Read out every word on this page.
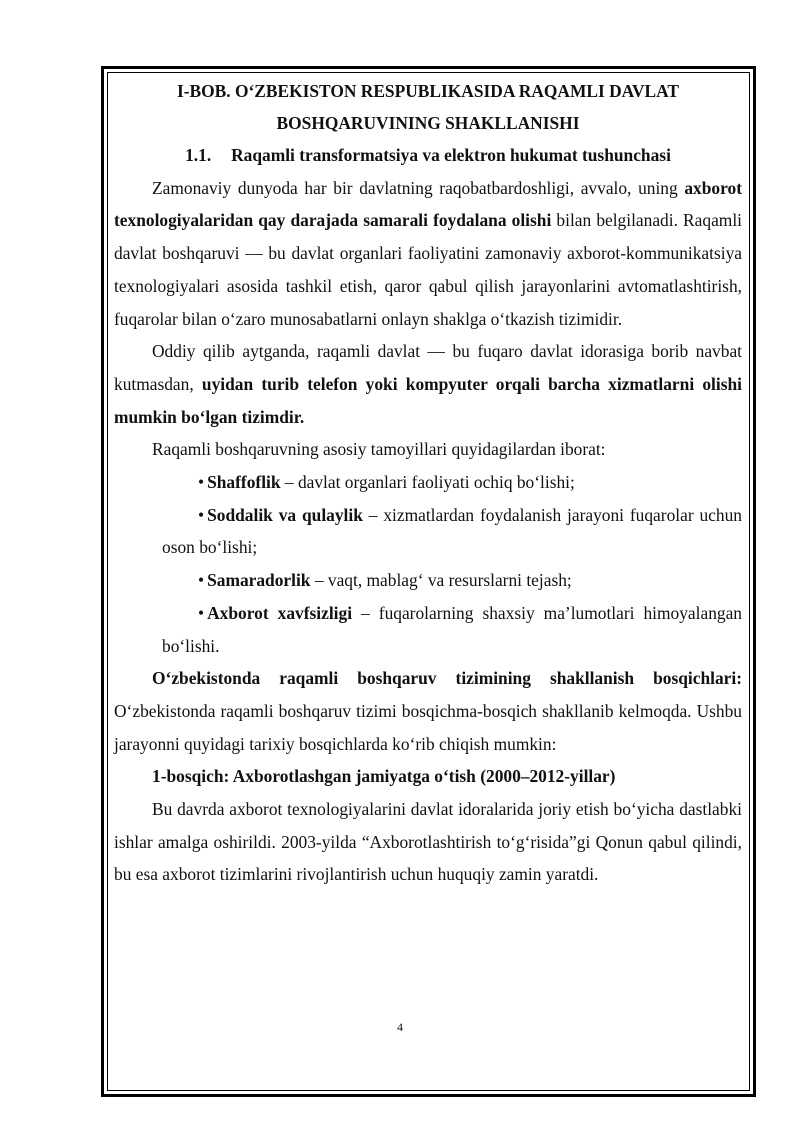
I-BOB. O‘ZBEKISTON RESPUBLIKASIDA RAQAMLI DAVLAT BOSHQARUVINING SHAKLLANISHI
1.1. Raqamli transformatsiya va elektron hukumat tushunchasi

Zamonaviy dunyoda har bir davlatning raqobatbardoshligi, avvalo, uning axborot texnologiyalaridan qay darajada samarali foydalana olishi bilan belgilanadi. Raqamli davlat boshqaruvi — bu davlat organlari faoliyatini zamonaviy axborot-kommunikatsiya texnologiyalari asosida tashkil etish, qaror qabul qilish jarayonlarini avtomatlashtirish, fuqarolar bilan o‘zaro munosabatlarni onlayn shaklga o‘tkazish tizimidir.

Oddiy qilib aytganda, raqamli davlat — bu fuqaro davlat idorasiga borib navbat kutmasdan, uyidan turib telefon yoki kompyuter orqali barcha xizmatlarni olishi mumkin bo‘lgan tizimdir.

Raqamli boshqaruvning asosiy tamoyillari quyidagilardan iborat:

• Shaffoflik – davlat organlari faoliyati ochiq bo‘lishi;
• Soddalik va qulaylik – xizmatlardan foydalanish jarayoni fuqarolar uchun oson bo‘lishi;
• Samaradorlik – vaqt, mablag‘ va resurslarni tejash;
• Axborot xavfsizligi – fuqarolarning shaxsiy ma’lumotlari himoyalangan bo‘lishi.

O‘zbekistonda raqamli boshqaruv tizimining shakllanish bosqichlari: O‘zbekistonda raqamli boshqaruv tizimi bosqichma-bosqich shakllanib kelmoqda. Ushbu jarayonni quyidagi tarixiy bosqichlarda ko‘rib chiqish mumkin:

1-bosqich: Axborotlashgan jamiyatga o‘tish (2000–2012-yillar)

Bu davrda axborot texnologiyalarini davlat idoralarida joriy etish bo‘yicha dastlabki ishlar amalga oshirildi. 2003-yilda “Axborotlashtirish to‘g‘risida”gi Qonun qabul qilindi, bu esa axborot tizimlarini rivojlantirish uchun huquqiy zamin yaratdi.

4
